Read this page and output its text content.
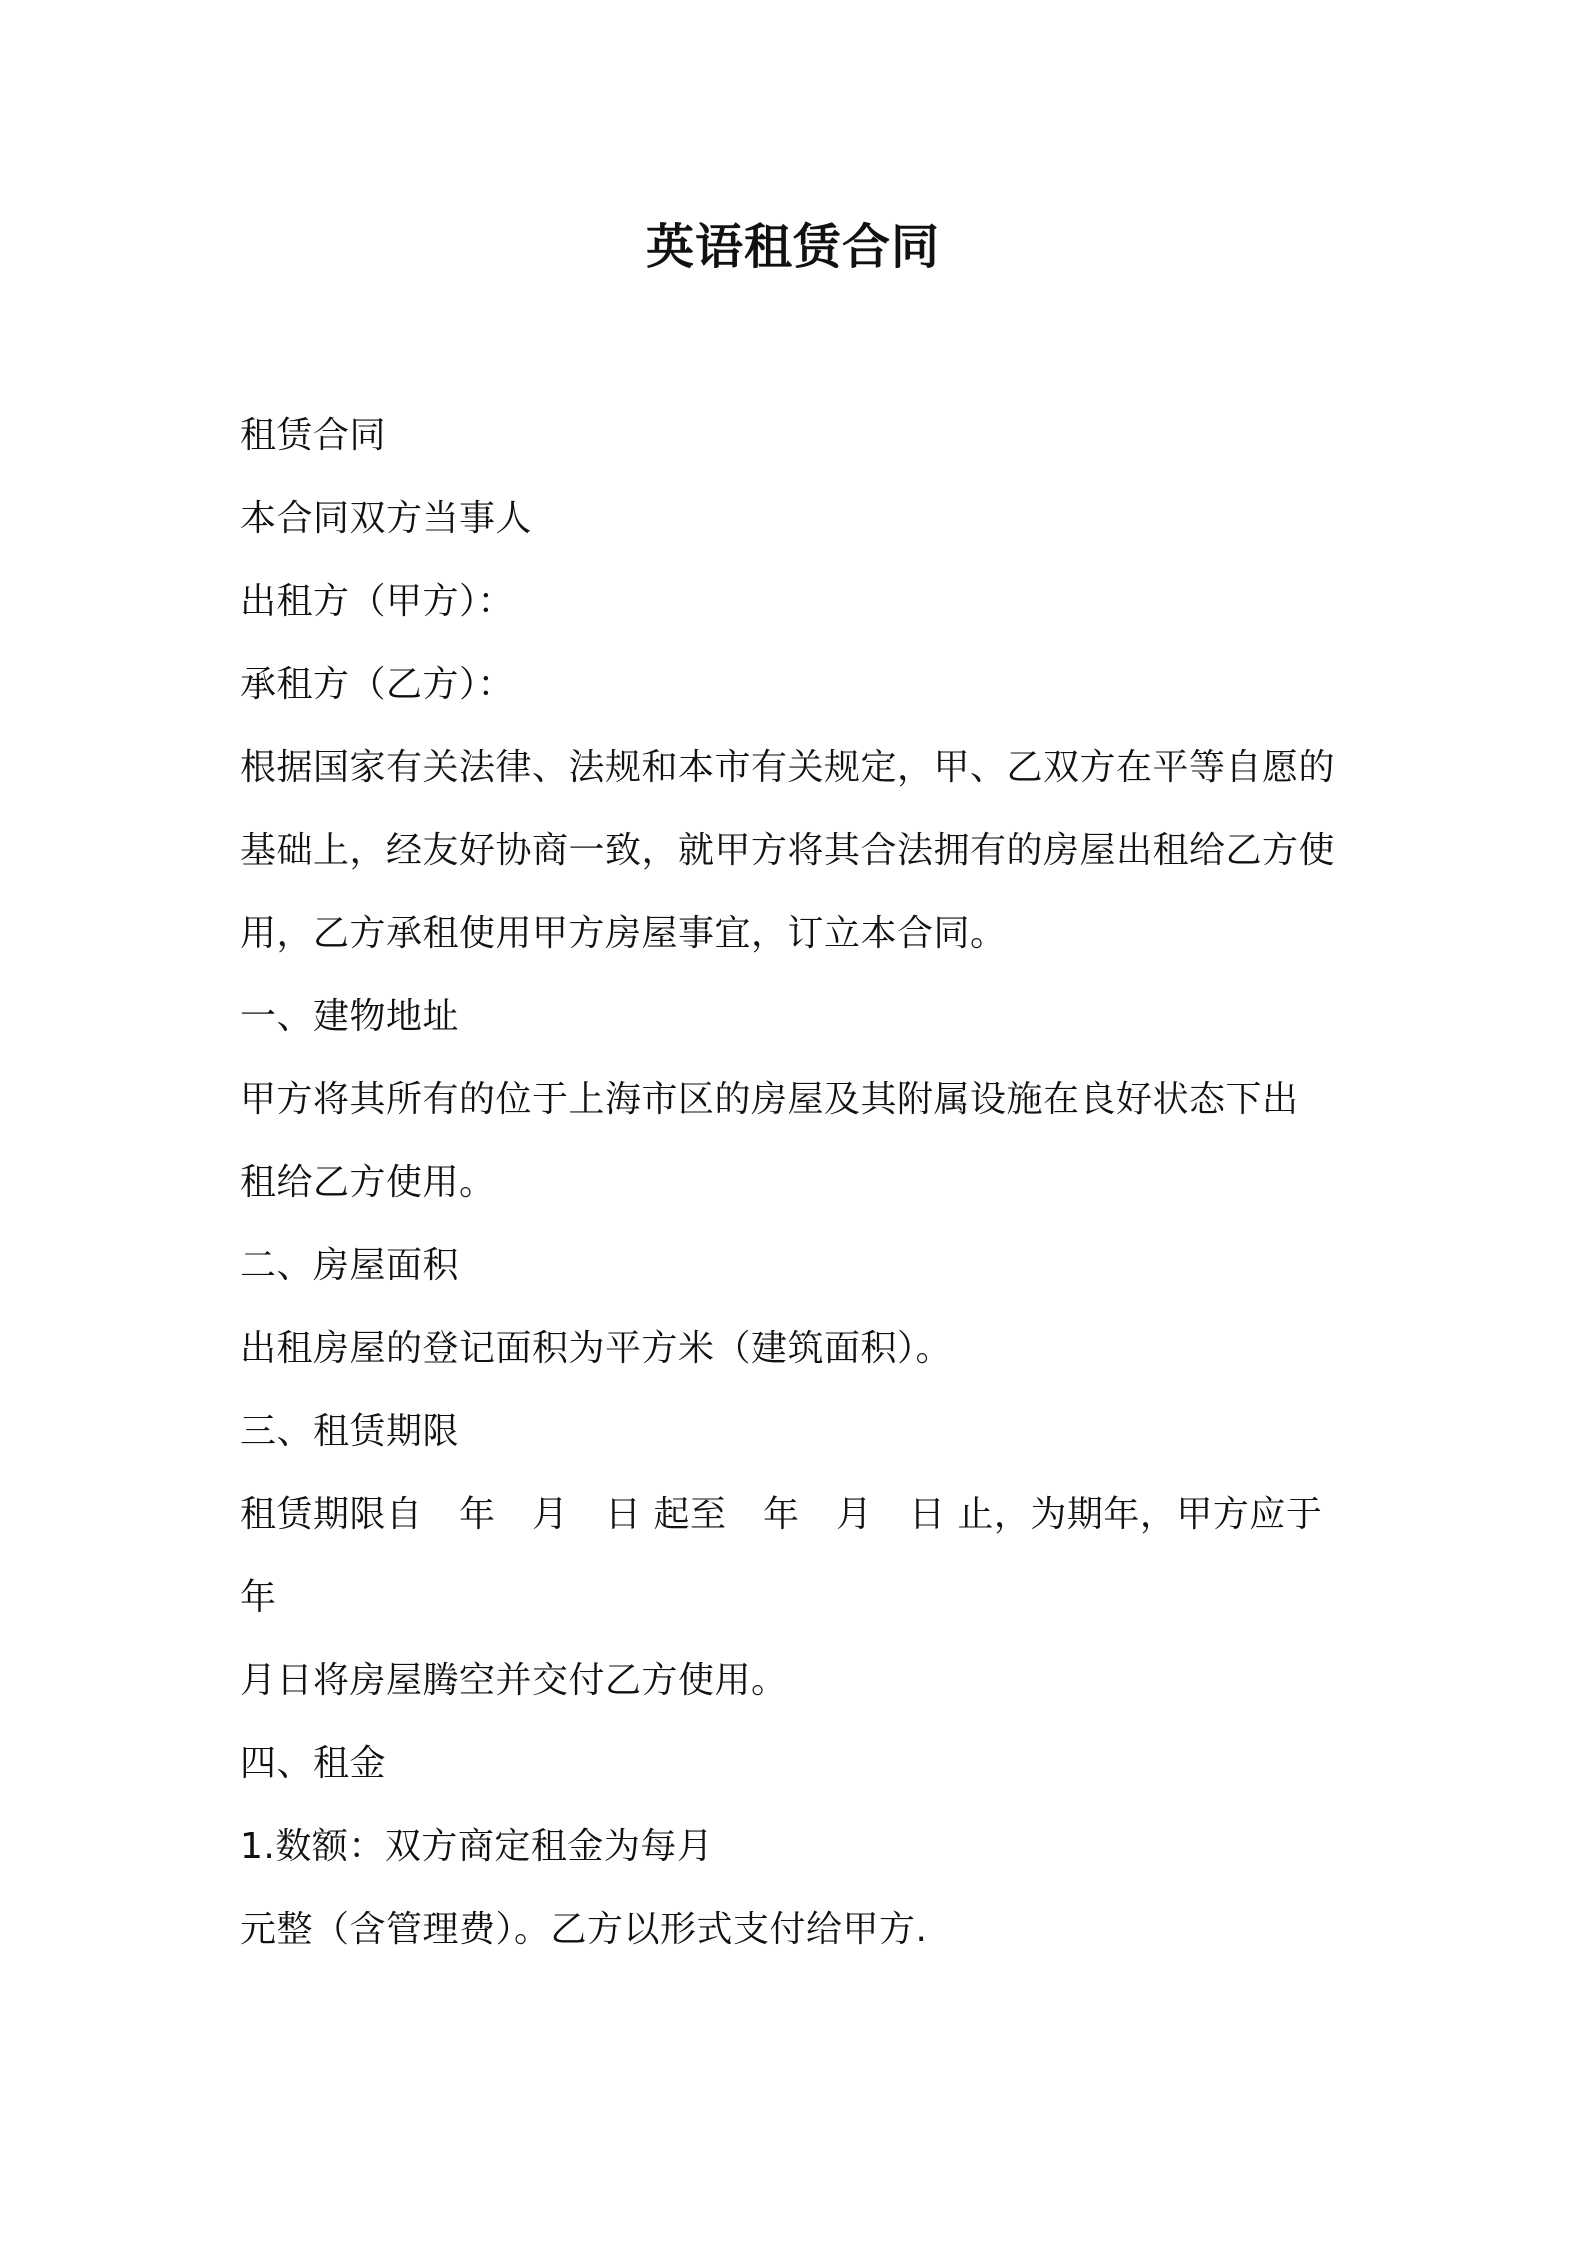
英语租赁合同
租赁合同
本合同双方当事人
出租方（甲方）：
承租方（乙方）：
根据国家有关法律、法规和本市有关规定，甲、乙双方在平等自愿的
基础上，经友好协商一致，就甲方将其合法拥有的房屋出租给乙方使
用，乙方承租使用甲方房屋事宜，订立本合同。
一、建物地址
甲方将其所有的位于上海市区的房屋及其附属设施在良好状态下出
租给乙方使用。
二、房屋面积
出租房屋的登记面积为平方米（建筑面积）。
三、租赁期限
租赁期限自　年　月　日 起至　年　月　日 止，为期年，甲方应于
年
月日将房屋腾空并交付乙方使用。
四、租金
1.数额：双方商定租金为每月
元整（含管理费）。乙方以形式支付给甲方.
